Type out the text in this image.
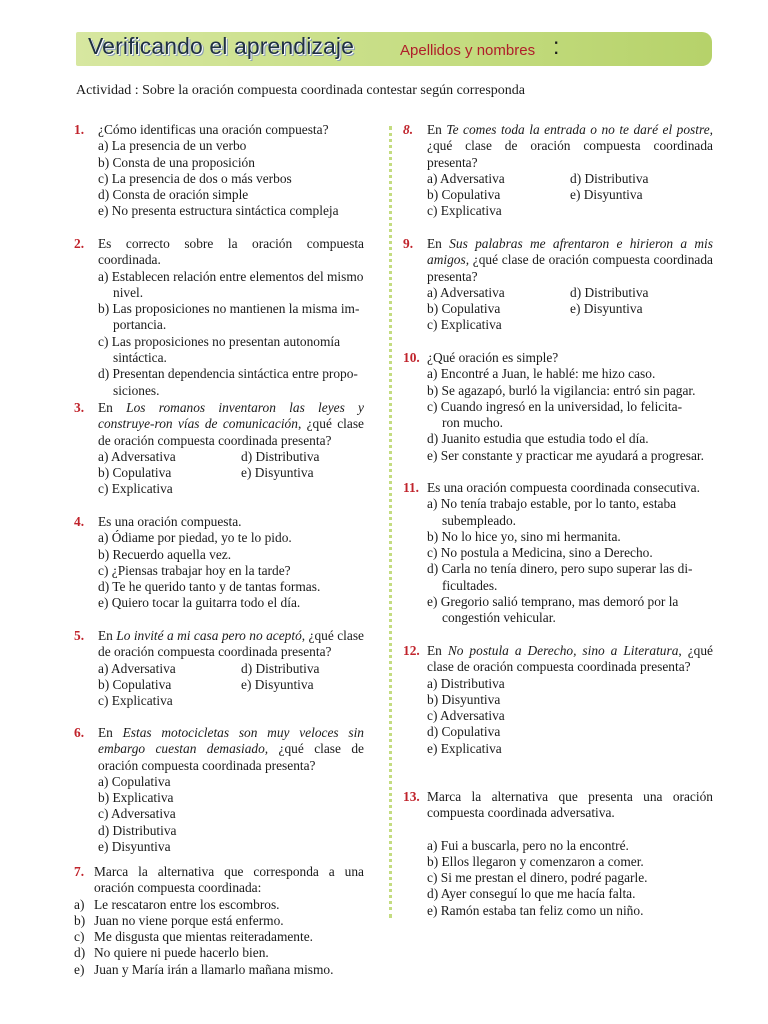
Verificando el aprendizaje	Apellidos y nombres :
Actividad : Sobre la oración compuesta coordinada contestar según corresponda
1. ¿Cómo identificas una oración compuesta?
a) La presencia de un verbo
b) Consta de una proposición
c) La presencia de dos o más verbos
d) Consta de oración simple
e) No presenta estructura sintáctica compleja
2. Es correcto sobre la oración compuesta coordinada.
a) Establecen relación entre elementos del mismo
nivel.
b) Las proposiciones no mantienen la misma im-
portancia.
c) Las proposiciones no presentan autonomía
sintáctica.
d) Presentan dependencia sintáctica entre propo-
siciones.
3. En Los romanos inventaron las leyes y construye-ron vías de comunicación, ¿qué clase de oración compuesta coordinada presenta?
a) Adversativa	d) Distributiva
b) Copulativa	e) Disyuntiva
c) Explicativa
4. Es una oración compuesta.
a) Ódiame por piedad, yo te lo pido.
b) Recuerdo aquella vez.
c) ¿Piensas trabajar hoy en la tarde?
d) Te he querido tanto y de tantas formas.
e) Quiero tocar la guitarra todo el día.
5. En Lo invité a mi casa pero no aceptó, ¿qué clase de oración compuesta coordinada presenta?
a) Adversativa	d) Distributiva
b) Copulativa	e) Disyuntiva
c) Explicativa
6. En Estas motocicletas son muy veloces sin embargo cuestan demasiado, ¿qué clase de oración compuesta coordinada presenta?
a) Copulativa
b) Explicativa
c) Adversativa
d) Distributiva
e) Disyuntiva
7. Marca la alternativa que corresponda a una oración compuesta coordinada:
a) Le rescataron entre los escombros.
b) Juan no viene porque está enfermo.
c) Me disgusta que mientas reiteradamente.
d) No quiere ni puede hacerlo bien.
e) Juan y María irán a llamarlo mañana mismo.
8. En Te comes toda la entrada o no te daré el postre, ¿qué clase de oración compuesta coordinada presenta?
a) Adversativa	d) Distributiva
b) Copulativa	e) Disyuntiva
c) Explicativa
9. En Sus palabras me afrentaron e hirieron a mis amigos, ¿qué clase de oración compuesta coordinada presenta?
a) Adversativa	d) Distributiva
b) Copulativa	e) Disyuntiva
c) Explicativa
10. ¿Qué oración es simple?
a) Encontré a Juan, le hablé: me hizo caso.
b) Se agazapó, burló la vigilancia: entró sin pagar.
c) Cuando ingresó en la universidad, lo felicita-
ron mucho.
d) Juanito estudia que estudia todo el día.
e) Ser constante y practicar me ayudará a progresar.
11. Es una oración compuesta coordinada consecutiva.
a) No tenía trabajo estable, por lo tanto, estaba
subempleado.
b) No lo hice yo, sino mi hermanita.
c) No postula a Medicina, sino a Derecho.
d) Carla no tenía dinero, pero supo superar las di-
ficultades.
e) Gregorio salió temprano, mas demoró por la
congestión vehicular.
12. En No postula a Derecho, sino a Literatura, ¿qué clase de oración compuesta coordinada presenta?
a) Distributiva
b) Disyuntiva
c) Adversativa
d) Copulativa
e) Explicativa
13. Marca la alternativa que presenta una oración compuesta coordinada adversativa.
a) Fui a buscarla, pero no la encontré.
b) Ellos llegaron y comenzaron a comer.
c) Si me prestan el dinero, podré pagarle.
d) Ayer conseguí lo que me hacía falta.
e) Ramón estaba tan feliz como un niño.
